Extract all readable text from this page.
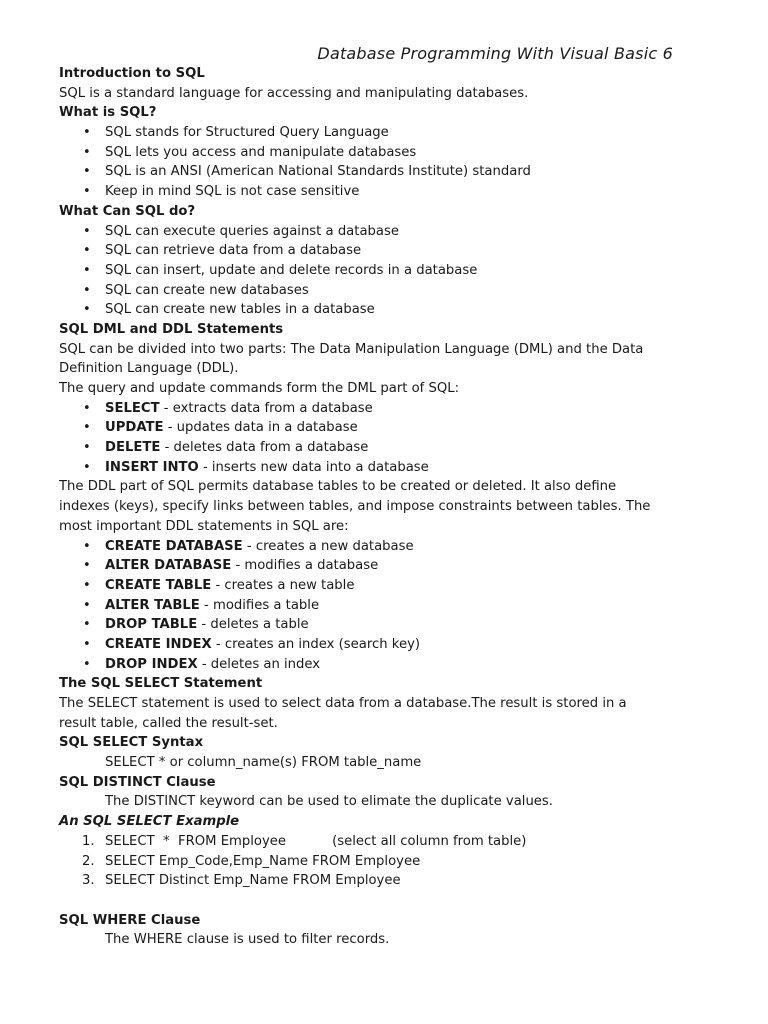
Database Programming With Visual Basic 6
Introduction to SQL
SQL is a standard language for accessing and manipulating databases.
What is SQL?
• SQL stands for Structured Query Language
• SQL lets you access and manipulate databases
• SQL is an ANSI (American National Standards Institute) standard
• Keep in mind SQL is not case sensitive
What Can SQL do?
• SQL can execute queries against a database
• SQL can retrieve data from a database
• SQL can insert, update and delete records in a database
• SQL can create new databases
• SQL can create new tables in a database
SQL DML and DDL Statements
SQL can be divided into two parts: The Data Manipulation Language (DML) and the Data
Definition Language (DDL).
The query and update commands form the DML part of SQL:
• SELECT - extracts data from a database
• UPDATE - updates data in a database
• DELETE - deletes data from a database
• INSERT INTO - inserts new data into a database
The DDL part of SQL permits database tables to be created or deleted. It also define
indexes (keys), specify links between tables, and impose constraints between tables. The
most important DDL statements in SQL are:
• CREATE DATABASE - creates a new database
• ALTER DATABASE - modifies a database
• CREATE TABLE - creates a new table
• ALTER TABLE - modifies a table
• DROP TABLE - deletes a table
• CREATE INDEX - creates an index (search key)
• DROP INDEX - deletes an index
The SQL SELECT Statement
The SELECT statement is used to select data from a database.The result is stored in a
result table, called the result-set.
SQL SELECT Syntax
SELECT * or column_name(s) FROM table_name
SQL DISTINCT Clause
The DISTINCT keyword can be used to elimate the duplicate values.
An SQL SELECT Example
1. SELECT  *  FROM Employee           (select all column from table)
2. SELECT Emp_Code,Emp_Name FROM Employee
3. SELECT Distinct Emp_Name FROM Employee
SQL WHERE Clause
The WHERE clause is used to filter records.
